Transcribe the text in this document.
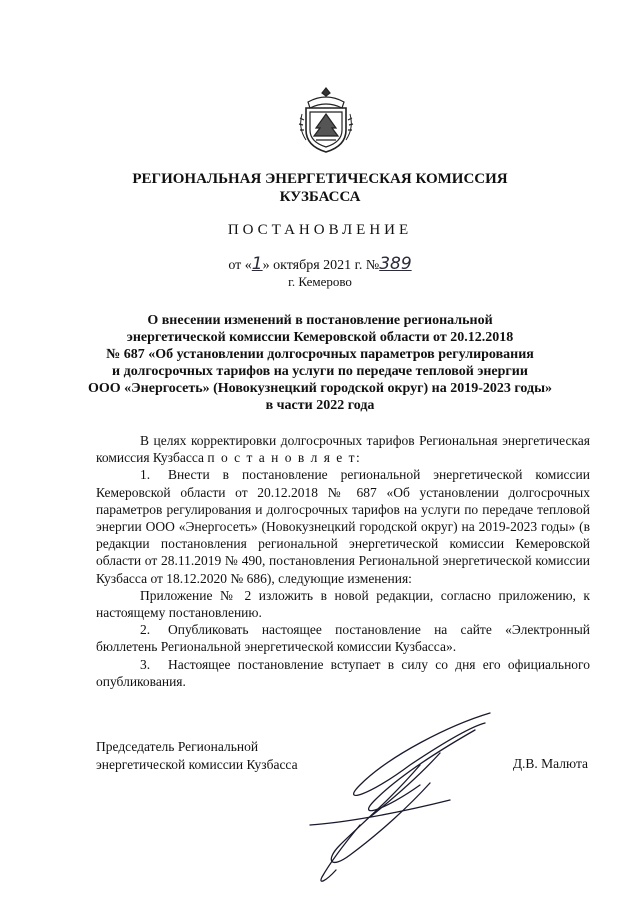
РЕГИОНАЛЬНАЯ ЭНЕРГЕТИЧЕСКАЯ КОМИССИЯ
КУЗБАССА
ПОСТАНОВЛЕНИЕ
от «1» октября 2021 г. №389
г. Кемерово
О внесении изменений в постановление региональной
энергетической комиссии Кемеровской области от 20.12.2018
№ 687 «Об установлении долгосрочных параметров регулирования
и долгосрочных тарифов на услуги по передаче тепловой энергии
ООО «Энергосеть» (Новокузнецкий городской округ) на 2019-2023 годы»
в части 2022 года

В целях корректировки долгосрочных тарифов Региональная энергетическая комиссия Кузбасса п о с т а н о в л я е т:

1. Внести в постановление региональной энергетической комиссии Кемеровской области от 20.12.2018 № 687 «Об установлении долгосрочных параметров регулирования и долгосрочных тарифов на услуги по передаче тепловой энергии ООО «Энергосеть» (Новокузнецкий городской округ) на 2019-2023 годы» (в редакции постановления региональной энергетической комиссии Кемеровской области от 28.11.2019 № 490, постановления Региональной энергетической комиссии Кузбасса от 18.12.2020 № 686), следующие изменения:

Приложение № 2 изложить в новой редакции, согласно приложению, к настоящему постановлению.

2. Опубликовать настоящее постановление на сайте «Электронный бюллетень Региональной энергетической комиссии Кузбасса».

3. Настоящее постановление вступает в силу со дня его официального опубликования.

Председатель Региональной
энергетической комиссии Кузбасса	Д.В. Малюта
